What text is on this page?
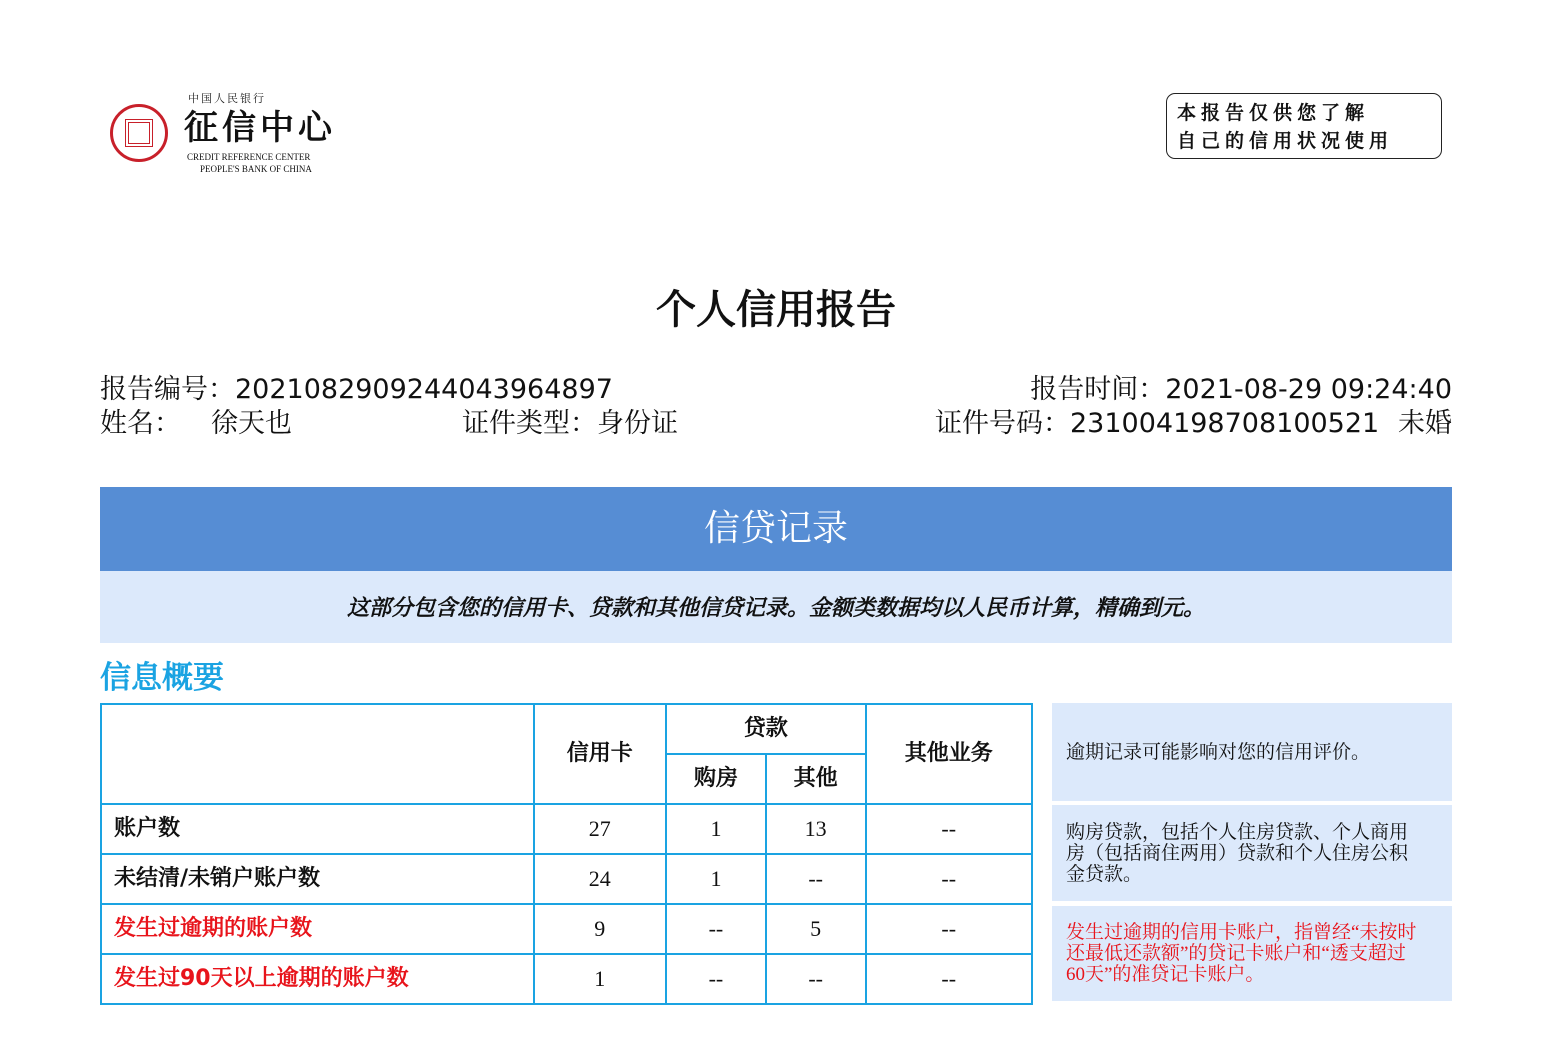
中国人民银行
征信中心
CREDIT REFERENCE CENTER
PEOPLE'S BANK OF CHINA
本报告仅供您了解
自己的信用状况使用
个人信用报告
报告编号：2021082909244043964897	报告时间：2021-08-29 09:24:40
姓名： 徐天也	证件类型：身份证	证件号码：231004198708100521 未婚
信贷记录
这部分包含您的信用卡、贷款和其他信贷记录。金额类数据均以人民币计算，精确到元。
信息概要
	信用卡	贷款		其他业务
		购房	其他	
账户数	27	1	13	--
未结清/未销户账户数	24	1	--	--
发生过逾期的账户数	9	--	5	--
发生过90天以上逾期的账户数	1	--	--	--
逾期记录可能影响对您的信用评价。
购房贷款，包括个人住房贷款、个人商用房（包括商住两用）贷款和个人住房公积金贷款。
发生过逾期的信用卡账户，指曾经“未按时还最低还款额”的贷记卡账户和“透支超过60天”的准贷记卡账户。
